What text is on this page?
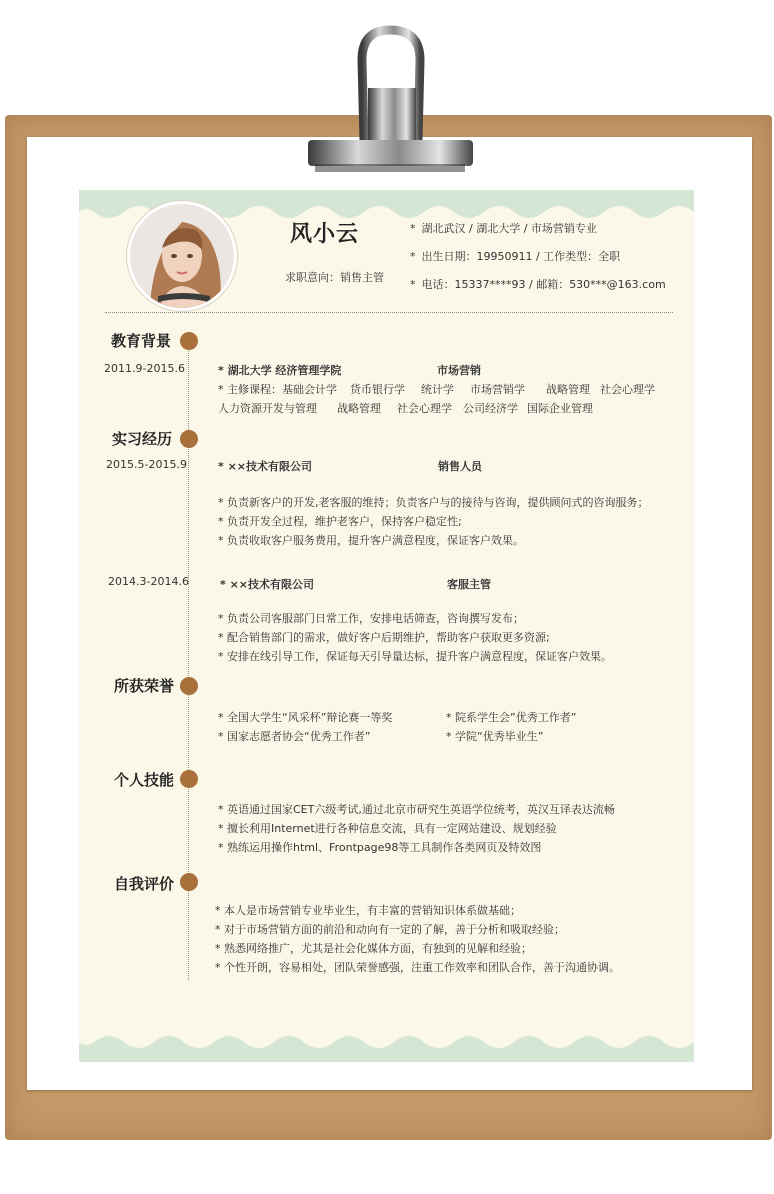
风小云
求职意向：销售主管
* 湖北武汉 / 湖北大学 / 市场营销专业
* 出生日期：19950911 / 工作类型：全职
* 电话：15337****93 / 邮箱：530***@163.com
教育背景
2011.9-2015.6	* 湖北大学 经济管理学院	市场营销
* 主修课程：基础会计学 货币银行学 统计学 市场营销学 战略管理 社会心理学
人力资源开发与管理 战略管理 社会心理学 公司经济学 国际企业管理
实习经历
2015.5-2015.9	* ××技术有限公司	销售人员
* 负责新客户的开发,老客服的维持；负责客户与的接待与咨询，提供顾问式的咨询服务；
* 负责开发全过程，维护老客户，保持客户稳定性;
* 负责收取客户服务费用，提升客户满意程度，保证客户效果。
2014.3-2014.6	* ××技术有限公司	客服主管
* 负责公司客服部门日常工作，安排电话筛查，咨询撰写发布；
* 配合销售部门的需求，做好客户后期维护，帮助客户获取更多资源;
* 安排在线引导工作，保证每天引导量达标，提升客户满意程度，保证客户效果。
所获荣誉
* 全国大学生“风采杯”辩论赛一等奖	* 院系学生会”优秀工作者”
* 国家志愿者协会“优秀工作者”	* 学院“优秀毕业生”
个人技能
* 英语通过国家CET六级考试,通过北京市研究生英语学位统考，英汉互译表达流畅
* 擅长利用Internet进行各种信息交流，具有一定网站建设、规划经验
* 熟练运用操作html、Frontpage98等工具制作各类网页及特效图
自我评价
* 本人是市场营销专业毕业生，有丰富的营销知识体系做基础；
* 对于市场营销方面的前沿和动向有一定的了解，善于分析和吸取经验；
* 熟悉网络推广，尤其是社会化媒体方面，有独到的见解和经验；
* 个性开朗，容易相处，团队荣誉感强，注重工作效率和团队合作，善于沟通协调。
